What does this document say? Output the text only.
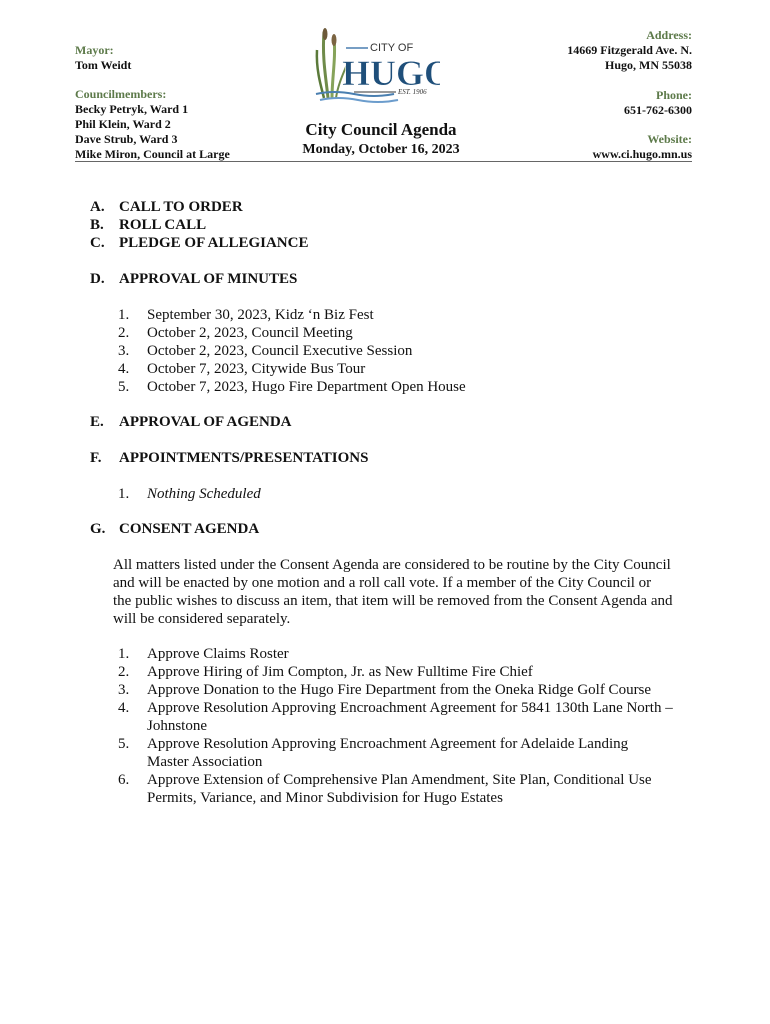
Mayor:
Tom Weidt
Councilmembers:
Becky Petryk, Ward 1
Phil Klein, Ward 2
Dave Strub, Ward 3
Mike Miron, Council at Large
CITY OF
HUGO
EST. 1906
City Council Agenda
Monday, October 16, 2023
Address:
14669 Fitzgerald Ave. N.
Hugo, MN 55038
Phone:
651-762-6300
Website:
www.ci.hugo.mn.us
A. CALL TO ORDER
B. ROLL CALL
C. PLEDGE OF ALLEGIANCE
D. APPROVAL OF MINUTES
1. September 30, 2023, Kidz ‘n Biz Fest
2. October 2, 2023, Council Meeting
3. October 2, 2023, Council Executive Session
4. October 7, 2023, Citywide Bus Tour
5. October 7, 2023, Hugo Fire Department Open House
E. APPROVAL OF AGENDA
F. APPOINTMENTS/PRESENTATIONS
1. Nothing Scheduled
G. CONSENT AGENDA
All matters listed under the Consent Agenda are considered to be routine by the City Council
and will be enacted by one motion and a roll call vote. If a member of the City Council or
the public wishes to discuss an item, that item will be removed from the Consent Agenda and
will be considered separately.
1. Approve Claims Roster
2. Approve Hiring of Jim Compton, Jr. as New Fulltime Fire Chief
3. Approve Donation to the Hugo Fire Department from the Oneka Ridge Golf Course
4. Approve Resolution Approving Encroachment Agreement for 5841 130th Lane North –
Johnstone
5. Approve Resolution Approving Encroachment Agreement for Adelaide Landing
Master Association
6. Approve Extension of Comprehensive Plan Amendment, Site Plan, Conditional Use
Permits, Variance, and Minor Subdivision for Hugo Estates
